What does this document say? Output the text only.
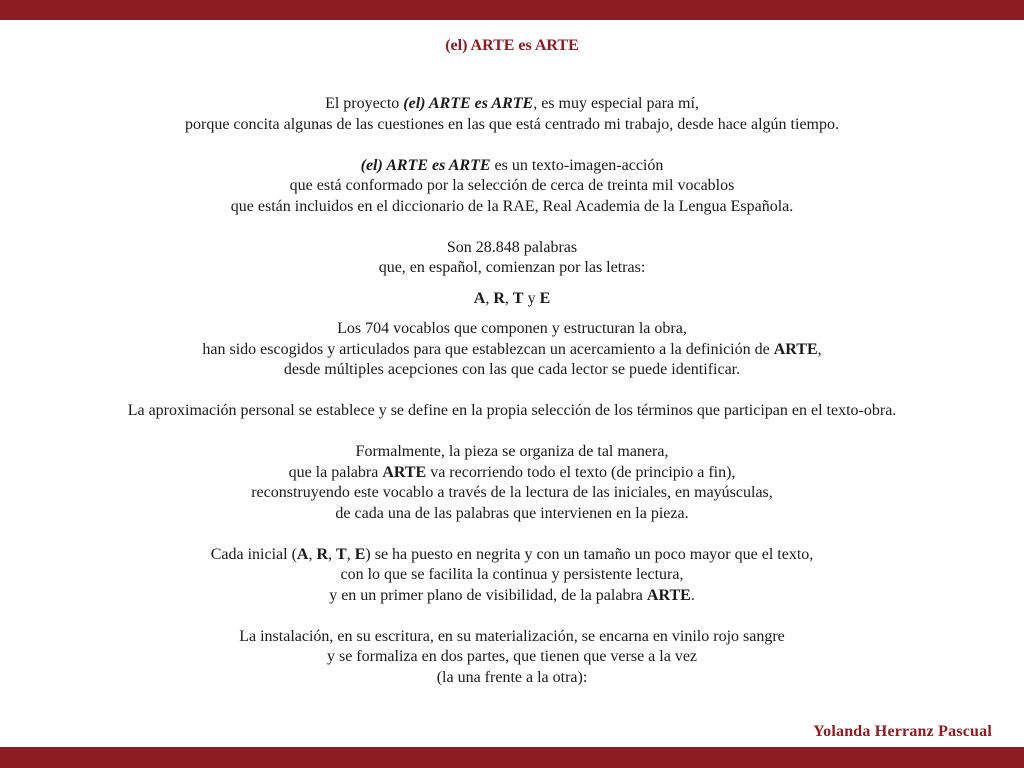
(el) ARTE es ARTE

El proyecto (el) ARTE es ARTE, es muy especial para mí,

porque concita algunas de las cuestiones en las que está centrado mi trabajo, desde hace algún tiempo.

(el) ARTE es ARTE es un texto-imagen-acción

que está conformado por la selección de cerca de treinta mil vocablos

que están incluidos en el diccionario de la RAE, Real Academia de la Lengua Española.

Son 28.848 palabras

que, en español, comienzan por las letras:

A, R, T y E

Los 704 vocablos que componen y estructuran la obra,

han sido escogidos y articulados para que establezcan un acercamiento a la definición de ARTE,

desde múltiples acepciones con las que cada lector se puede identificar.

La aproximación personal se establece y se define en la propia selección de los términos que participan en el texto-obra.

Formalmente, la pieza se organiza de tal manera,

que la palabra ARTE va recorriendo todo el texto (de principio a fin),

reconstruyendo este vocablo a través de la lectura de las iniciales, en mayúsculas,

de cada una de las palabras que intervienen en la pieza.

Cada inicial (A, R, T, E) se ha puesto en negrita y con un tamaño un poco mayor que el texto,

con lo que se facilita la continua y persistente lectura,

y en un primer plano de visibilidad, de la palabra ARTE.

La instalación, en su escritura, en su materialización, se encarna en vinilo rojo sangre

y se formaliza en dos partes, que tienen que verse a la vez

(la una frente a la otra):

Yolanda Herranz Pascual
